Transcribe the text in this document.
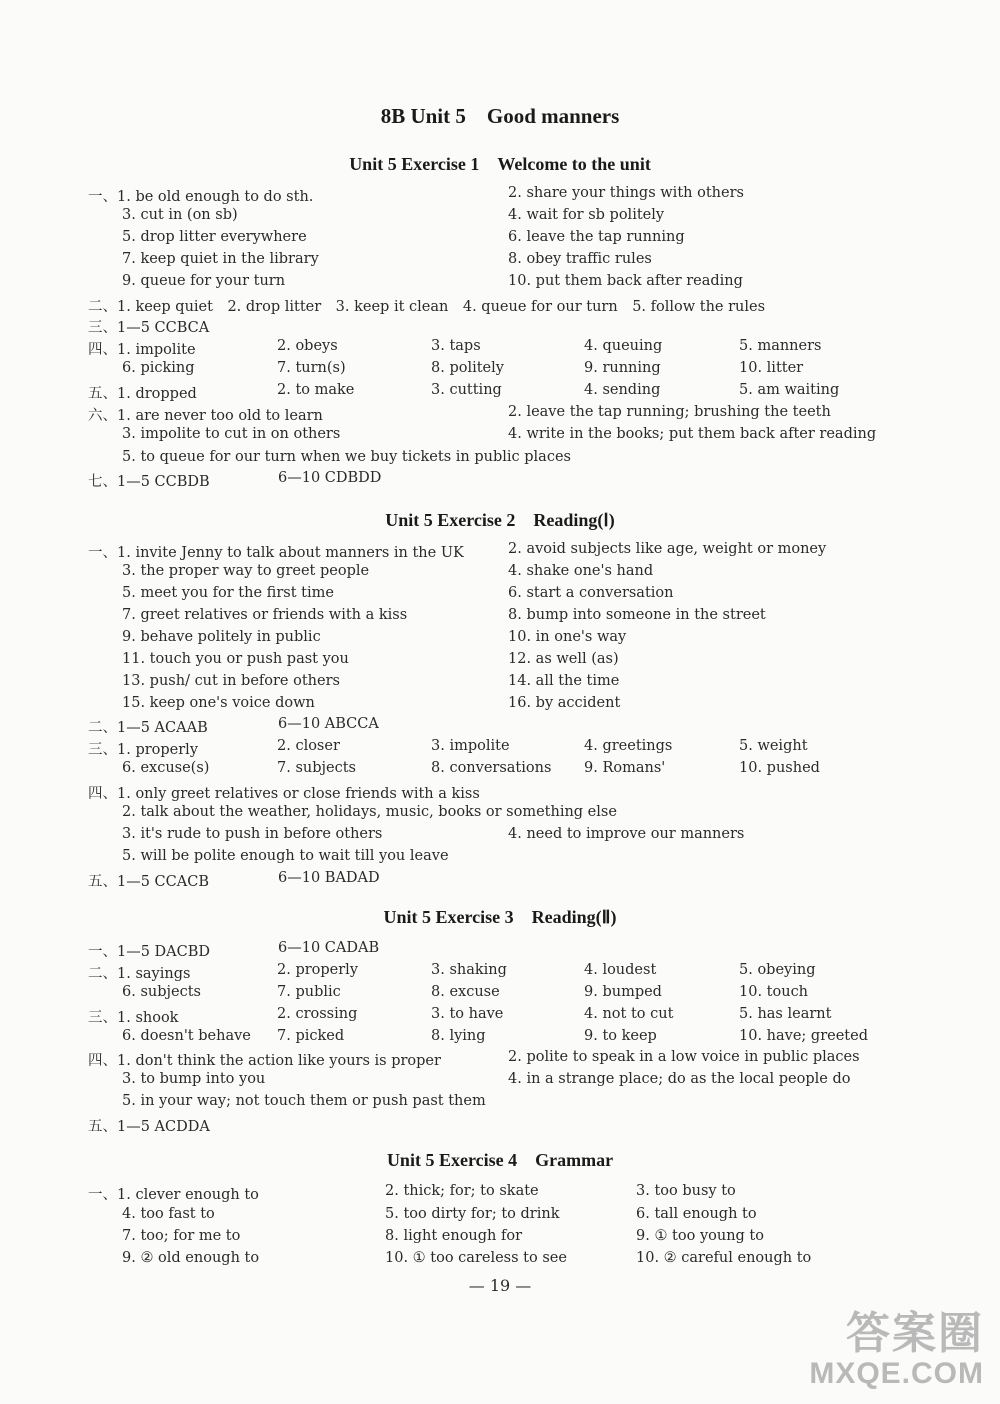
8B Unit 5　Good manners
Unit 5 Exercise 1　Welcome to the unit
一、1. be old enough to do sth.	2. share your things with others
3. cut in (on sb)	4. wait for sb politely
5. drop litter everywhere	6. leave the tap running
7. keep quiet in the library	8. obey traffic rules
9. queue for your turn	10. put them back after reading
二、1. keep quiet　2. drop litter　3. keep it clean　4. queue for our turn　5. follow the rules
三、1—5 CCBCA
四、1. impolite	2. obeys	3. taps	4. queuing	5. manners
6. picking	7. turn(s)	8. politely	9. running	10. litter
五、1. dropped	2. to make	3. cutting	4. sending	5. am waiting
六、1. are never too old to learn	2. leave the tap running; brushing the teeth
3. impolite to cut in on others	4. write in the books; put them back after reading
5. to queue for our turn when we buy tickets in public places
七、1—5 CCBDB	6—10 CDBDD
Unit 5 Exercise 2　Reading(Ⅰ)
一、1. invite Jenny to talk about manners in the UK	2. avoid subjects like age, weight or money
3. the proper way to greet people	4. shake one's hand
5. meet you for the first time	6. start a conversation
7. greet relatives or friends with a kiss	8. bump into someone in the street
9. behave politely in public	10. in one's way
11. touch you or push past you	12. as well (as)
13. push/ cut in before others	14. all the time
15. keep one's voice down	16. by accident
二、1—5 ACAAB	6—10 ABCCA
三、1. properly	2. closer	3. impolite	4. greetings	5. weight
6. excuse(s)	7. subjects	8. conversations 9. Romans'	10. pushed
四、1. only greet relatives or close friends with a kiss
2. talk about the weather, holidays, music, books or something else
3. it's rude to push in before others	4. need to improve our manners
5. will be polite enough to wait till you leave
五、1—5 CCACB	6—10 BADAD
Unit 5 Exercise 3　Reading(Ⅱ)
一、1—5 DACBD	6—10 CADAB
二、1. sayings	2. properly	3. shaking	4. loudest	5. obeying
6. subjects	7. public	8. excuse	9. bumped	10. touch
三、1. shook	2. crossing	3. to have	4. not to cut	5. has learnt
6. doesn't behave 7. picked	8. lying	9. to keep	10. have; greeted
四、1. don't think the action like yours is proper	2. polite to speak in a low voice in public places
3. to bump into you	4. in a strange place; do as the local people do
5. in your way; not touch them or push past them
五、1—5 ACDDA
Unit 5 Exercise 4　Grammar
一、1. clever enough to	2. thick; for; to skate	3. too busy to
4. too fast to	5. too dirty for; to drink	6. tall enough to
7. too; for me to	8. light enough for	9. ① too young to
9. ② old enough to	10. ① too careless to see	10. ② careful enough to
— 19 —
答案圈
MXQE.COM
